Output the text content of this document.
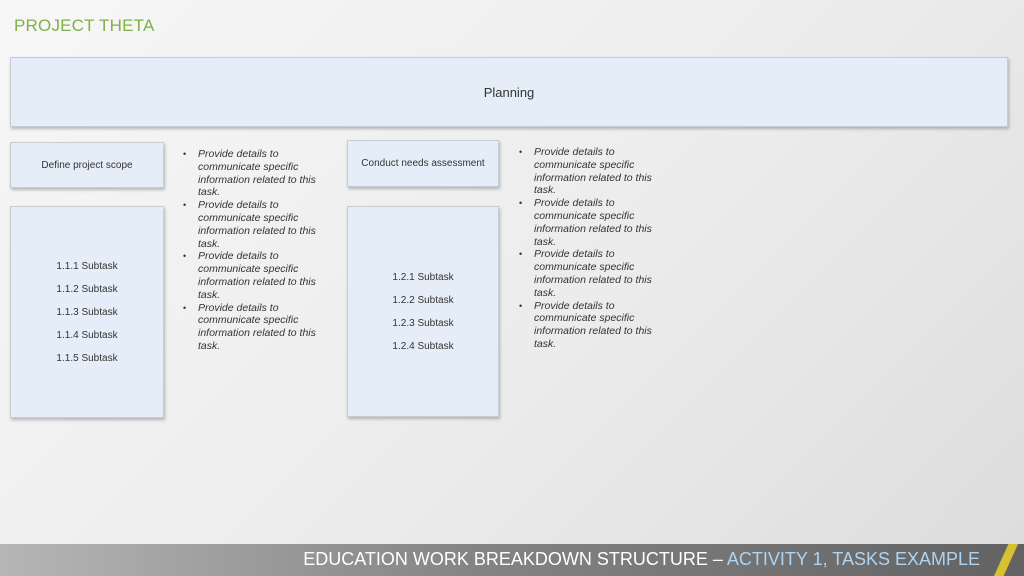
PROJECT THETA
Planning
Define project scope
1.1.1 Subtask
1.1.2 Subtask
1.1.3 Subtask
1.1.4 Subtask
1.1.5 Subtask
• Provide details to communicate specific information related to this task.
• Provide details to communicate specific information related to this task.
• Provide details to communicate specific information related to this task.
• Provide details to communicate specific information related to this task.
Conduct needs assessment
1.2.1 Subtask
1.2.2 Subtask
1.2.3 Subtask
1.2.4 Subtask
• Provide details to communicate specific information related to this task.
• Provide details to communicate specific information related to this task.
• Provide details to communicate specific information related to this task.
• Provide details to communicate specific information related to this task.
EDUCATION WORK BREAKDOWN STRUCTURE – ACTIVITY 1, TASKS EXAMPLE
